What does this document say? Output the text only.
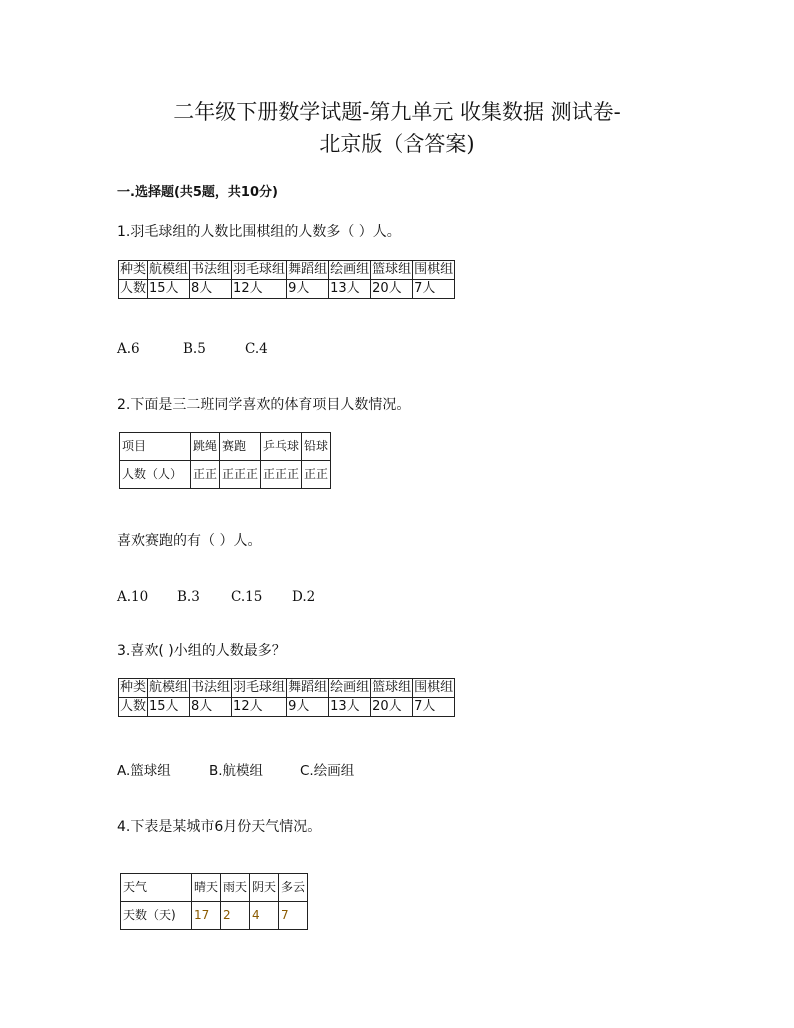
二年级下册数学试题-第九单元 收集数据 测试卷-
北京版（含答案)
一.选择题(共5题，共10分)
1.羽毛球组的人数比围棋组的人数多（ ）人。
种类	航模组	书法组	羽毛球组	舞蹈组	绘画组	篮球组	围棋组
人数	15人	8人	12人	9人	13人	20人	7人
A.6	B.5	C.4
2.下面是三二班同学喜欢的体育项目人数情况。
项目	跳绳	赛跑	乒乓球	铅球
人数（人）	正正	正正正	正正正	正正
喜欢赛跑的有（ ）人。
A.10 B.3 C.15 D.2
3.喜欢( )小组的人数最多？
种类	航模组	书法组	羽毛球组	舞蹈组	绘画组	篮球组	围棋组
人数	15人	8人	12人	9人	13人	20人	7人
A.篮球组	B.航模组	C.绘画组
4.下表是某城市6月份天气情况。
天气	晴天	雨天	阴天	多云
天数（天)	17	2	4	7
